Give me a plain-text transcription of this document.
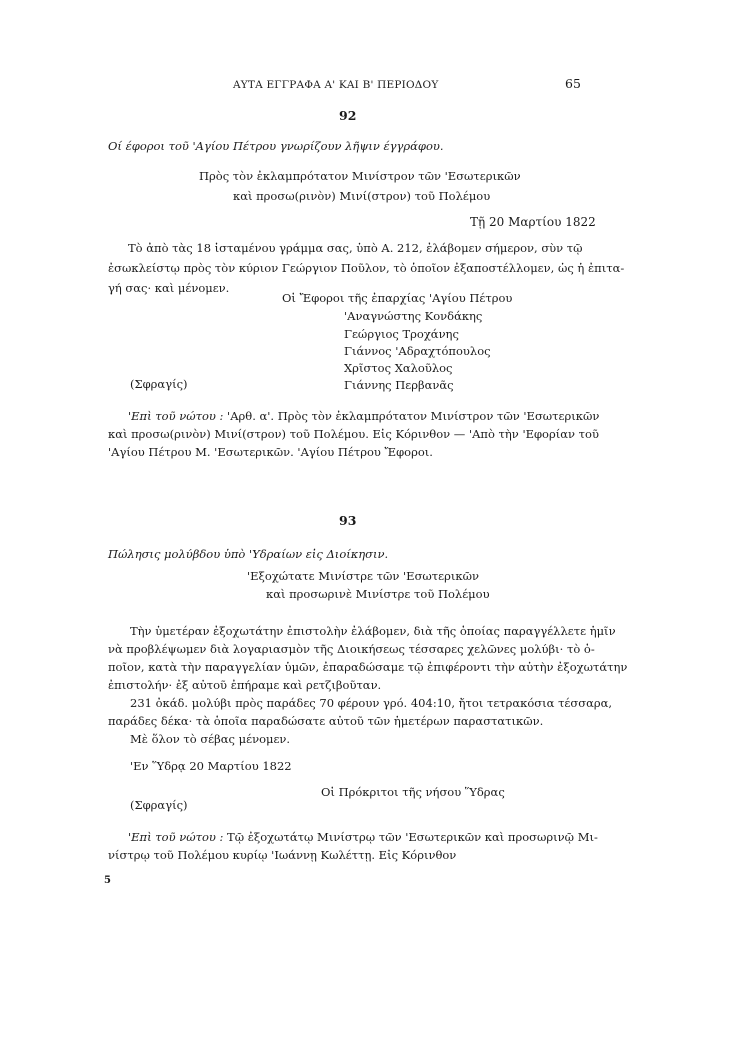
ΑΥΤΑ ΕΓΓΡΑΦΑ Α' ΚΑΙ Β' ΠΕΡΙΟΔΟΥ	65
92
Οί έφοροι τοῦ 'Αγίου Πέτρου γνωρίζουν λῆψιν έγγράφου.
Πρὸς τὸν ἐκλαμπρότατον Μινίστρον τῶν 'Εσωτερικῶν
καὶ προσω(ρινὸν) Μινί(στρον) τοῦ Πολέμου
Τῇ 20 Μαρτίου 1822
Τὸ ἀπὸ τὰς 18 ἱσταμένου γράμμα σας, ὑπὸ Α. 212, ἐλάβομεν σήμερον, σὺν τῷ
ἐσωκλείστῳ πρὸς τὸν κύριον Γεώργιον Ποῦλον, τὸ ὁποῖον ἐξαποστέλλομεν, ὡς ἡ ἐπιτα-
γή σας· καὶ μένομεν.
Οἱ Ἔφοροι τῆς ἐπαρχίας 'Αγίου Πέτρου
'Αναγνώστης Κονδάκης
Γεώργιος Τροχάνης
Γιάννος 'Αδραχτόπουλος
Χρῖστος Χαλοῦλος
Γιάννης Περβανᾶς
(Σφραγίς)
'Επὶ τοῦ νώτου : 'Αρθ. α'. Πρὸς τὸν ἐκλαμπρότατον Μινίστρον τῶν 'Εσωτερικῶν
καὶ προσω(ρινὸν) Μινί(στρον) τοῦ Πολέμου. Εἰς Κόρινθον — 'Απὸ τὴν 'Εφορίαν τοῦ
'Αγίου Πέτρου Μ. 'Εσωτερικῶν. 'Αγίου Πέτρου Ἔφοροι.
93
Πώλησις μολύβδου ὑπὸ 'Υδραίων εἰς Διοίκησιν.
'Εξοχώτατε Μινίστρε τῶν 'Εσωτερικῶν
καὶ προσωρινὲ Μινίστρε τοῦ Πολέμου
Τὴν ὑμετέραν ἐξοχωτάτην ἐπιστολὴν ἐλάβομεν, διὰ τῆς ὁποίας παραγγέλλετε ἡμῖν
νὰ προβλέψωμεν διὰ λογαριασμὸν τῆς Διοικήσεως τέσσαρες χελῶνες μολύβι· τὸ ὁ-
ποῖον, κατὰ τὴν παραγγελίαν ὑμῶν, ἐπαραδώσαμε τῷ ἐπιφέροντι τὴν αὐτὴν ἐξοχωτάτην
ἐπιστολήν· ἐξ αὐτοῦ ἐπήραμε καὶ ρετζιβοῦταν.
231 ὀκάδ. μολύβι πρὸς παράδες 70 φέρουν γρό. 404:10, ἤτοι τετρακόσια τέσσαρα,
παράδες δέκα· τὰ ὁποῖα παραδώσατε αὐτοῦ τῶν ἡμετέρων παραστατικῶν.
Μὲ ὅλον τὸ σέβας μένομεν.
'Εν Ὕδρᾳ 20 Μαρτίου 1822
Οἱ Πρόκριτοι τῆς νήσου Ὕδρας
(Σφραγίς)
'Επὶ τοῦ νώτου : Τῷ ἐξοχωτάτῳ Μινίστρῳ τῶν 'Εσωτερικῶν καὶ προσωρινῷ Μι-
νίστρῳ τοῦ Πολέμου κυρίῳ 'Ιωάννῃ Κωλέττῃ. Εἰς Κόρινθον
5
